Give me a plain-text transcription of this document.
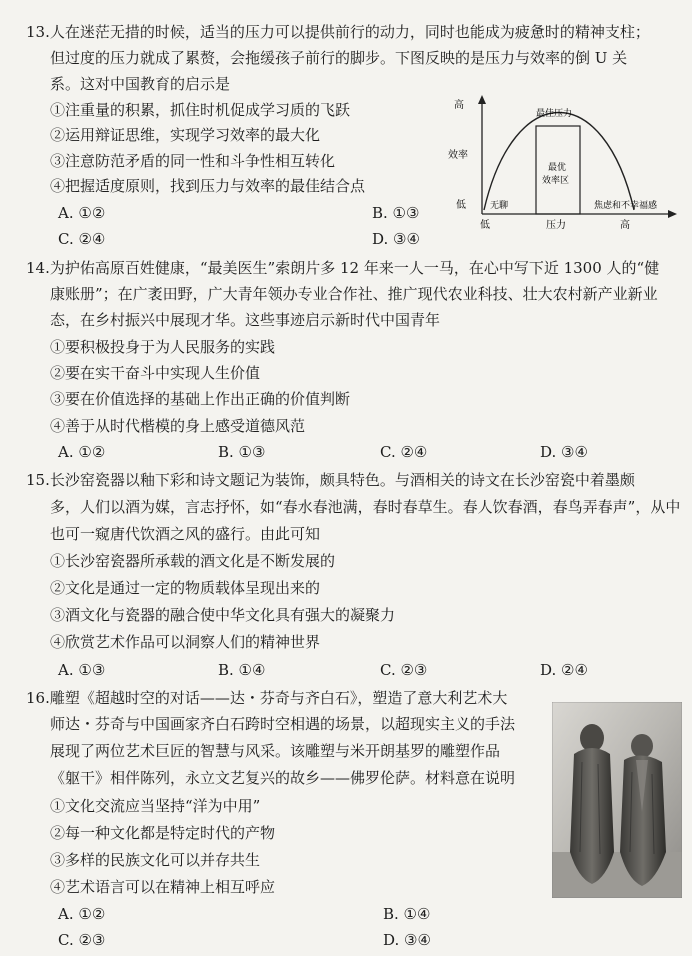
13.人在迷茫无措的时候，适当的压力可以提供前行的动力，同时也能成为疲惫时的精神支柱；
但过度的压力就成了累赘，会拖缓孩子前行的脚步。下图反映的是压力与效率的倒 U 关
系。这对中国教育的启示是
①注重量的积累，抓住时机促成学习质的飞跃
②运用辩证思维，实现学习效率的最大化
③注意防范矛盾的同一性和斗争性相互转化
④把握适度原则，找到压力与效率的最佳结合点
A. ①②	B. ①③
C. ②④	D. ③④
高
效率
低
低	压力	高
最佳压力
最优
效率区
无聊	焦虑和不幸福感
14.为护佑高原百姓健康，“最美医生”索朗片多 12 年来一人一马，在心中写下近 1300 人的“健
康账册”；在广袤田野，广大青年领办专业合作社、推广现代农业科技、壮大农村新产业新业
态，在乡村振兴中展现才华。这些事迹启示新时代中国青年
①要积极投身于为人民服务的实践
②要在实干奋斗中实现人生价值
③要在价值选择的基础上作出正确的价值判断
④善于从时代楷模的身上感受道德风范
A. ①②	B. ①③	C. ②④	D. ③④
15.长沙窑瓷器以釉下彩和诗文题记为装饰，颇具特色。与酒相关的诗文在长沙窑瓷中着墨颇
多，人们以酒为媒，言志抒怀，如“春水春池满，春时春草生。春人饮春酒，春鸟弄春声”，从中
也可一窥唐代饮酒之风的盛行。由此可知
①长沙窑瓷器所承载的酒文化是不断发展的
②文化是通过一定的物质载体呈现出来的
③酒文化与瓷器的融合使中华文化具有强大的凝聚力
④欣赏艺术作品可以洞察人们的精神世界
A. ①③	B. ①④	C. ②③	D. ②④
16.雕塑《超越时空的对话——达・芬奇与齐白石》，塑造了意大利艺术大
师达・芬奇与中国画家齐白石跨时空相遇的场景，以超现实主义的手法
展现了两位艺术巨匠的智慧与风采。该雕塑与米开朗基罗的雕塑作品
《躯干》相伴陈列，永立文艺复兴的故乡——佛罗伦萨。材料意在说明
①文化交流应当坚持“洋为中用”
②每一种文化都是特定时代的产物
③多样的民族文化可以并存共生
④艺术语言可以在精神上相互呼应
A. ①②	B. ①④
C. ②③	D. ③④
